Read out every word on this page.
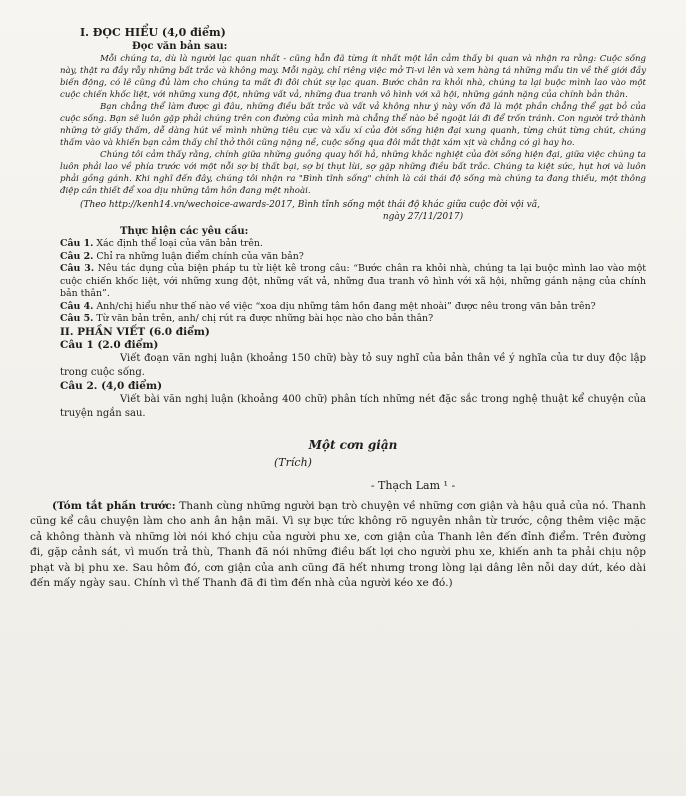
I. ĐỌC HIỂU (4,0 điểm)
Đọc văn bản sau:

Mỗi chúng ta, dù là người lạc quan nhất - cũng hẳn đã từng ít nhất một lần cảm thấy bi quan và nhận ra rằng: Cuộc sống này, thật ra đầy rẫy những bất trắc và không may. Mỗi ngày, chỉ riêng việc mở Ti-vi lên và xem hàng tá những mẩu tin về thế giới đầy biến động, có lẽ cũng đủ làm cho chúng ta mất đi đôi chút sự lạc quan. Bước chân ra khỏi nhà, chúng ta lại buộc mình lao vào một cuộc chiến khốc liệt, với những xung đột, những vất vả, những đua tranh vô hình với xã hội, những gánh nặng của chính bản thân.

Bạn chẳng thể làm được gì đâu, những điều bất trắc và vất vả không như ý này vốn đã là một phần chẳng thể gạt bỏ của cuộc sống. Bạn sẽ luôn gặp phải chúng trên con đường của mình mà chẳng thể nào bẻ ngoặt lái đi để trốn tránh. Con người trở thành những tờ giấy thấm, dễ dàng hút về mình những tiêu cực và xấu xí của đời sống hiện đại xung quanh, từng chút từng chút, chúng thấm vào và khiến bạn cảm thấy chỉ thở thôi cũng nặng nề, cuộc sống qua đôi mắt thật xám xịt và chẳng có gì hay ho.

Chúng tôi cảm thấy rằng, chính giữa những guồng quay hối hả, những khắc nghiệt của đời sống hiện đại, giữa việc chúng ta luôn phải lao về phía trước với một nỗi sợ bị thất bại, sợ bị thụt lùi, sợ gặp những điều bất trắc. Chúng ta kiệt sức, hụt hơi và luôn phải gồng gánh. Khi nghĩ đến đây, chúng tôi nhận ra "Bình tĩnh sống" chính là cái thái độ sống mà chúng ta đang thiếu, một thông điệp cần thiết để xoa dịu những tâm hồn đang mệt nhoài.

(Theo http://kenh14.vn/wechoice-awards-2017, Bình tĩnh sống một thái độ khác giữa cuộc đời vội vã,
ngày 27/11/2017)
Thực hiện các yêu cầu:

Câu 1. Xác định thể loại của văn bản trên.

Câu 2. Chỉ ra những luận điểm chính của văn bản?

Câu 3. Nêu tác dụng của biện pháp tu từ liệt kê trong câu: “Bước chân ra khỏi nhà, chúng ta lại buộc mình lao vào một cuộc chiến khốc liệt, với những xung đột, những vất vả, những đua tranh vô hình với xã hội, những gánh nặng của chính bản thân”.

Câu 4. Anh/chị hiểu như thế nào về việc “xoa dịu những tâm hồn đang mệt nhoài” được nêu trong văn bản trên?

Câu 5. Từ văn bản trên, anh/ chị rút ra được những bài học nào cho bản thân?

II. PHẦN VIẾT (6.0 điểm)

Câu 1 (2.0 điểm)

Viết đoạn văn nghị luận (khoảng 150 chữ) bày tỏ suy nghĩ của bản thân về ý nghĩa của tư duy độc lập trong cuộc sống.

Câu 2. (4,0 điểm)

Viết bài văn nghị luận (khoảng 400 chữ) phân tích những nét đặc sắc trong nghệ thuật kể chuyện của truyện ngắn sau.

Một cơn giận
(Trích)
- Thạch Lam ¹ -

(Tóm tắt phần trước: Thanh cùng những người bạn trò chuyện về những cơn giận và hậu quả của nó. Thanh cũng kể câu chuyện làm cho anh ân hận mãi. Vì sự bực tức không rõ nguyên nhân từ trước, cộng thêm việc mặc cả không thành và những lời nói khó chịu của người phu xe, cơn giận của Thanh lên đến đỉnh điểm. Trên đường đi, gặp cảnh sát, vì muốn trả thù, Thanh đã nói những điều bất lợi cho người phu xe, khiến anh ta phải chịu nộp phạt và bị phu xe. Sau hôm đó, cơn giận của anh cũng đã hết nhưng trong lòng lại dâng lên nỗi day dứt, kéo dài đến mấy ngày sau. Chính vì thế Thanh đã đi tìm đến nhà của người kéo xe đó.)
